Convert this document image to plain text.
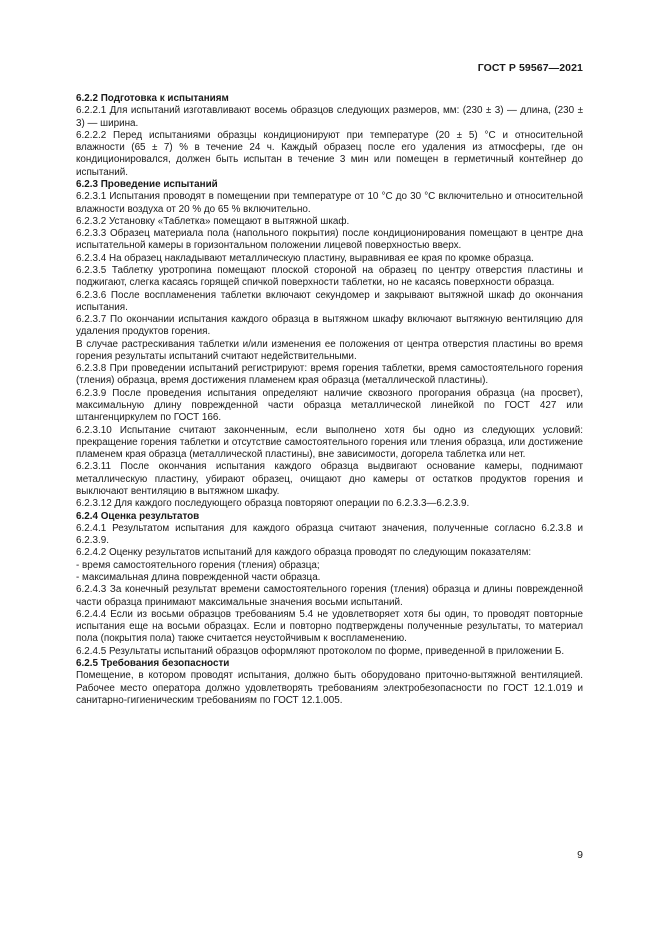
ГОСТ Р 59567—2021
6.2.2 Подготовка к испытаниям
6.2.2.1 Для испытаний изготавливают восемь образцов следующих размеров, мм: (230 ± 3) — длина, (230 ± 3) — ширина.
6.2.2.2 Перед испытаниями образцы кондиционируют при температуре (20 ± 5) °С и относительной влажности (65 ± 7) % в течение 24 ч. Каждый образец после его удаления из атмосферы, где он кондиционировался, должен быть испытан в течение 3 мин или помещен в герметичный контейнер до испытаний.
6.2.3 Проведение испытаний
6.2.3.1 Испытания проводят в помещении при температуре от 10 °С до 30 °С включительно и относительной влажности воздуха от 20 % до 65 % включительно.
6.2.3.2 Установку «Таблетка» помещают в вытяжной шкаф.
6.2.3.3 Образец материала пола (напольного покрытия) после кондиционирования помещают в центре дна испытательной камеры в горизонтальном положении лицевой поверхностью вверх.
6.2.3.4 На образец накладывают металлическую пластину, выравнивая ее края по кромке образца.
6.2.3.5 Таблетку уротропина помещают плоской стороной на образец по центру отверстия пластины и поджигают, слегка касаясь горящей спичкой поверхности таблетки, но не касаясь поверхности образца.
6.2.3.6 После воспламенения таблетки включают секундомер и закрывают вытяжной шкаф до окончания испытания.
6.2.3.7 По окончании испытания каждого образца в вытяжном шкафу включают вытяжную вентиляцию для удаления продуктов горения.
В случае растрескивания таблетки и/или изменения ее положения от центра отверстия пластины во время горения результаты испытаний считают недействительными.
6.2.3.8 При проведении испытаний регистрируют: время горения таблетки, время самостоятельного горения (тления) образца, время достижения пламенем края образца (металлической пластины).
6.2.3.9 После проведения испытания определяют наличие сквозного прогорания образца (на просвет), максимальную длину поврежденной части образца металлической линейкой по ГОСТ 427 или штангенциркулем по ГОСТ 166.
6.2.3.10 Испытание считают законченным, если выполнено хотя бы одно из следующих условий: прекращение горения таблетки и отсутствие самостоятельного горения или тления образца, или достижение пламенем края образца (металлической пластины), вне зависимости, догорела таблетка или нет.
6.2.3.11 После окончания испытания каждого образца выдвигают основание камеры, поднимают металлическую пластину, убирают образец, очищают дно камеры от остатков продуктов горения и выключают вентиляцию в вытяжном шкафу.
6.2.3.12 Для каждого последующего образца повторяют операции по 6.2.3.3—6.2.3.9.
6.2.4 Оценка результатов
6.2.4.1 Результатом испытания для каждого образца считают значения, полученные согласно 6.2.3.8 и 6.2.3.9.
6.2.4.2 Оценку результатов испытаний для каждого образца проводят по следующим показателям:
- время самостоятельного горения (тления) образца;
- максимальная длина поврежденной части образца.
6.2.4.3 За конечный результат времени самостоятельного горения (тления) образца и длины поврежденной части образца принимают максимальные значения восьми испытаний.
6.2.4.4 Если из восьми образцов требованиям 5.4 не удовлетворяет хотя бы один, то проводят повторные испытания еще на восьми образцах. Если и повторно подтверждены полученные результаты, то материал пола (покрытия пола) также считается неустойчивым к воспламенению.
6.2.4.5 Результаты испытаний образцов оформляют протоколом по форме, приведенной в приложении Б.
6.2.5 Требования безопасности
Помещение, в котором проводят испытания, должно быть оборудовано приточно-вытяжной вентиляцией. Рабочее место оператора должно удовлетворять требованиям электробезопасности по ГОСТ 12.1.019 и санитарно-гигиеническим требованиям по ГОСТ 12.1.005.
9
